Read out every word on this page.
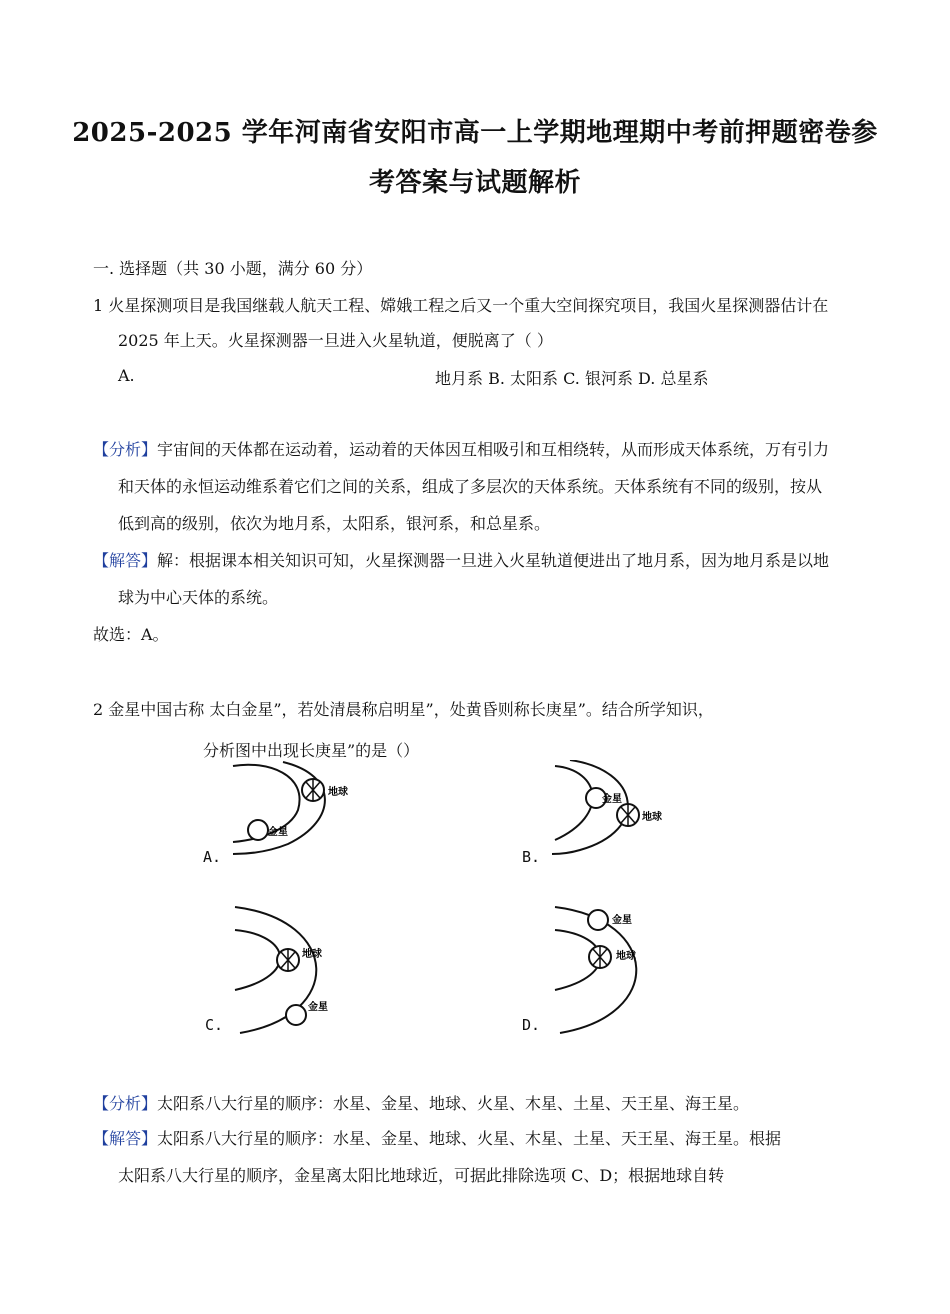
2025-2025 学年河南省安阳市高一上学期地理期中考前押题密卷参
考答案与试题解析
一. 选择题（共 30 小题，满分 60 分）
1 火星探测项目是我国继载人航天工程、嫦娥工程之后又一个重大空间探究项目，我国火星探测器估计在
2025 年上天。火星探测器一旦进入火星轨道，便脱离了（ ）
A.	地月系 B. 太阳系 C. 银河系 D. 总星系
【分析】宇宙间的天体都在运动着，运动着的天体因互相吸引和互相绕转，从而形成天体系统，万有引力
和天体的永恒运动维系着它们之间的关系，组成了多层次的天体系统。天体系统有不同的级别，按从
低到高的级别，依次为地月系，太阳系，银河系，和总星系。
【解答】解：根据课本相关知识可知，火星探测器一旦进入火星轨道便进出了地月系，因为地月系是以地
球为中心天体的系统。
故选：A。
2 金星中国古称 太白金星”，若处清晨称启明星”，处黄昏则称长庚星”。结合所学知识，
分析图中出现长庚星”的是（）
金星
地球
A.
金星
地球
B.
地球
金星
C.
金星
地球
D.
【分析】太阳系八大行星的顺序：水星、金星、地球、火星、木星、土星、天王星、海王星。
【解答】太阳系八大行星的顺序：水星、金星、地球、火星、木星、土星、天王星、海王星。根据
太阳系八大行星的顺序，金星离太阳比地球近，可据此排除选项 C、D；根据地球自转
